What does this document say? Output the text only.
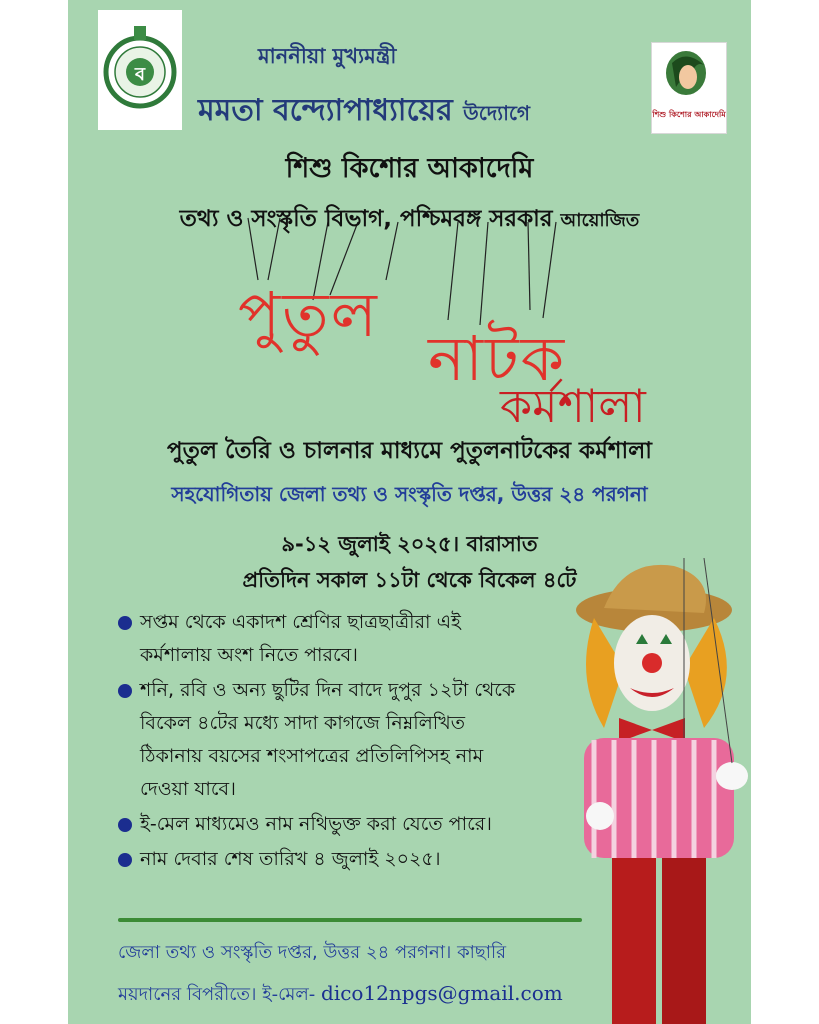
ব
শিশু কিশোর আকাদেমি
মাননীয়া মুখ্যমন্ত্রী
মমতা বন্দ্যোপাধ্যায়ের উদ্যোগে
শিশু কিশোর আকাদেমি
তথ্য ও সংস্কৃতি বিভাগ, পশ্চিমবঙ্গ সরকার আয়োজিত
পুতুল
নাটক
কর্মশালা
পুতুল তৈরি ও চালনার মাধ্যমে পুতুলনাটকের কর্মশালা
সহযোগিতায় জেলা তথ্য ও সংস্কৃতি দপ্তর, উত্তর ২৪ পরগনা
৯-১২ জুলাই ২০২৫। বারাসাত
প্রতিদিন সকাল ১১টা থেকে বিকেল ৪টে
সপ্তম থেকে একাদশ শ্রেণির ছাত্রছাত্রীরা এই
কর্মশালায় অংশ নিতে পারবে।
শনি, রবি ও অন্য ছুটির দিন বাদে দুপুর ১২টা থেকে
বিকেল ৪টের মধ্যে সাদা কাগজে নিম্নলিখিত
ঠিকানায় বয়সের শংসাপত্রের প্রতিলিপিসহ নাম
দেওয়া যাবে।
ই-মেল মাধ্যমেও নাম নথিভুক্ত করা যেতে পারে।
নাম দেবার শেষ তারিখ ৪ জুলাই ২০২৫।
জেলা তথ্য ও সংস্কৃতি দপ্তর, উত্তর ২৪ পরগনা। কাছারি
ময়দানের বিপরীতে। ই-মেল- dico12npgs@gmail.com
